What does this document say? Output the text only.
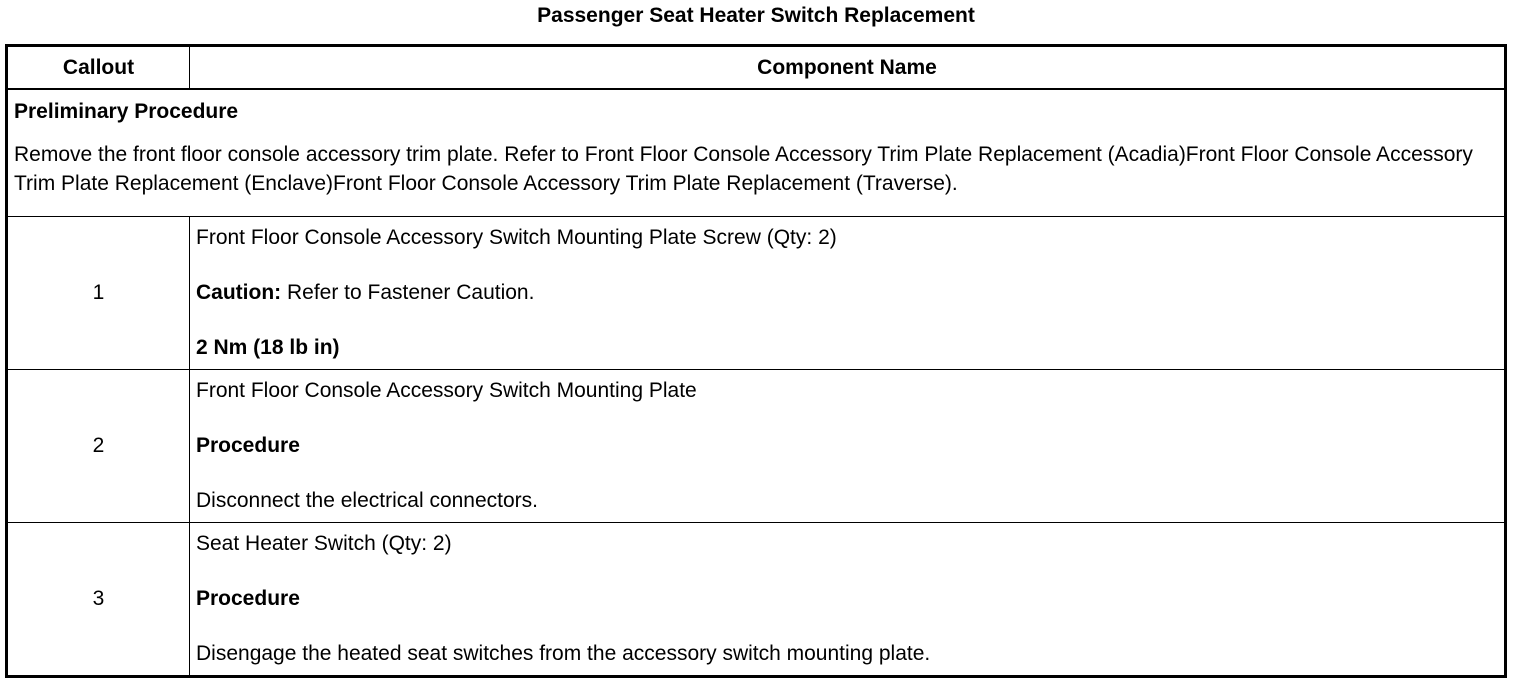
Passenger Seat Heater Switch Replacement
Callout	Component Name

Preliminary Procedure
Remove the front floor console accessory trim plate. Refer to Front Floor Console Accessory Trim Plate Replacement (Acadia)Front Floor Console Accessory Trim Plate Replacement (Enclave)Front Floor Console Accessory Trim Plate Replacement (Traverse).	

1	Front Floor Console Accessory Switch Mounting Plate Screw (Qty: 2)
Caution: Refer to Fastener Caution.
2 Nm (18 lb in)

2	Front Floor Console Accessory Switch Mounting Plate
Procedure
Disconnect the electrical connectors.

3	Seat Heater Switch (Qty: 2)
Procedure
Disengage the heated seat switches from the accessory switch mounting plate.
